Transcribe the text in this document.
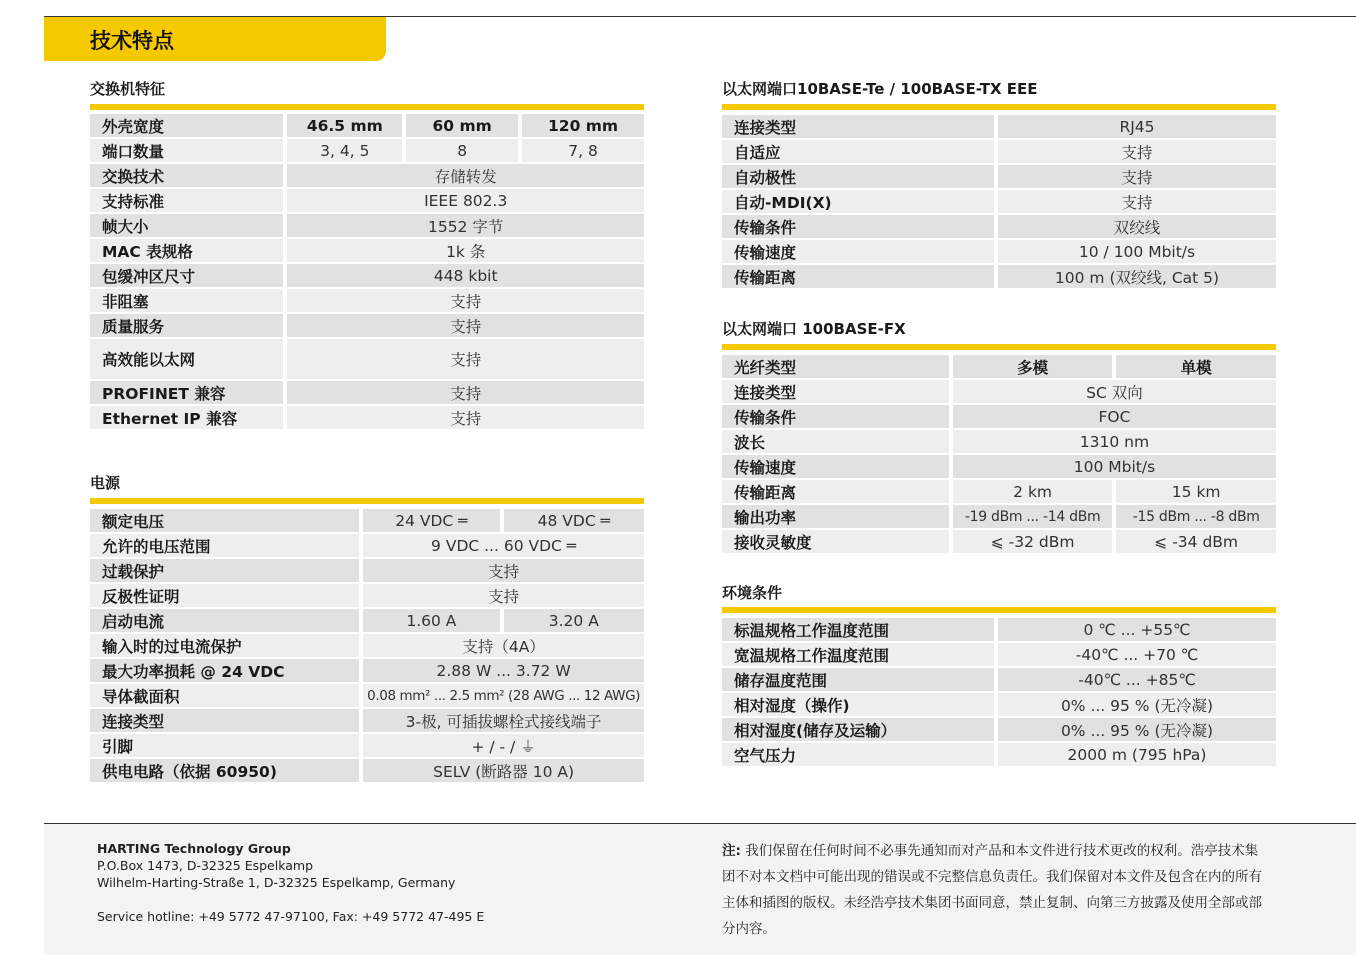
技术特点
交换机特征
外壳宽度	46.5 mm	60 mm	120 mm
端口数量	3, 4, 5	8	7, 8
交换技术	存储转发		
支持标准	IEEE 802.3		
帧大小	1552 字节		
MAC 表规格	1k 条		
包缓冲区尺寸	448 kbit		
非阻塞	支持		
质量服务	支持		
高效能以太网	支持		
PROFINET 兼容	支持		
Ethernet IP 兼容	支持		
电源
额定电压	24 VDC ═	48 VDC ═
允许的电压范围	9 VDC ... 60 VDC ═	
过载保护	支持	
反极性证明	支持	
启动电流	1.60 A	3.20 A
输入时的过电流保护	支持（4A）	
最大功率损耗 @ 24 VDC	2.88 W ... 3.72 W	
导体截面积	0.08 mm² ... 2.5 mm² (28 AWG ... 12 AWG)	
连接类型	3-极, 可插拔螺栓式接线端子	
引脚	+ / - / ⏚	
供电电路（依据 60950)	SELV (断路器 10 A)	
以太网端口10BASE-Te / 100BASE-TX EEE
连接类型	RJ45
自适应	支持
自动极性	支持
自动-MDI(X)	支持
传输条件	双绞线
传输速度	10 / 100 Mbit/s
传输距离	100 m (双绞线, Cat 5)
以太网端口 100BASE-FX
光纤类型	多模	单模
连接类型	SC 双向	
传输条件	FOC	
波长	1310 nm	
传输速度	100 Mbit/s	
传输距离	2 km	15 km
输出功率	-19 dBm ... -14 dBm	-15 dBm ... -8 dBm
接收灵敏度	⩽ -32 dBm	⩽ -34 dBm
环境条件
标温规格工作温度范围	0 ℃ ... +55℃
宽温规格工作温度范围	-40℃ ... +70 ℃
储存温度范围	-40℃ ... +85℃
相对湿度（操作)	0% ... 95 % (无冷凝)
相对湿度(储存及运输）	0% ... 95 % (无冷凝)
空气压力	2000 m (795 hPa)
HARTING Technology Group
P.O.Box 1473, D-32325 Espelkamp
Wilhelm-Harting-Straße 1, D-32325 Espelkamp, Germany
Service hotline: +49 5772 47-97100, Fax: +49 5772 47-495 E
注: 我们保留在任何时间不必事先通知而对产品和本文件进行技术更改的权利。浩亭技术集团不对本文档中可能出现的错误或不完整信息负责任。我们保留对本文件及包含在内的所有主体和插图的版权。未经浩亭技术集团书面同意，禁止复制、向第三方披露及使用全部或部分内容。
